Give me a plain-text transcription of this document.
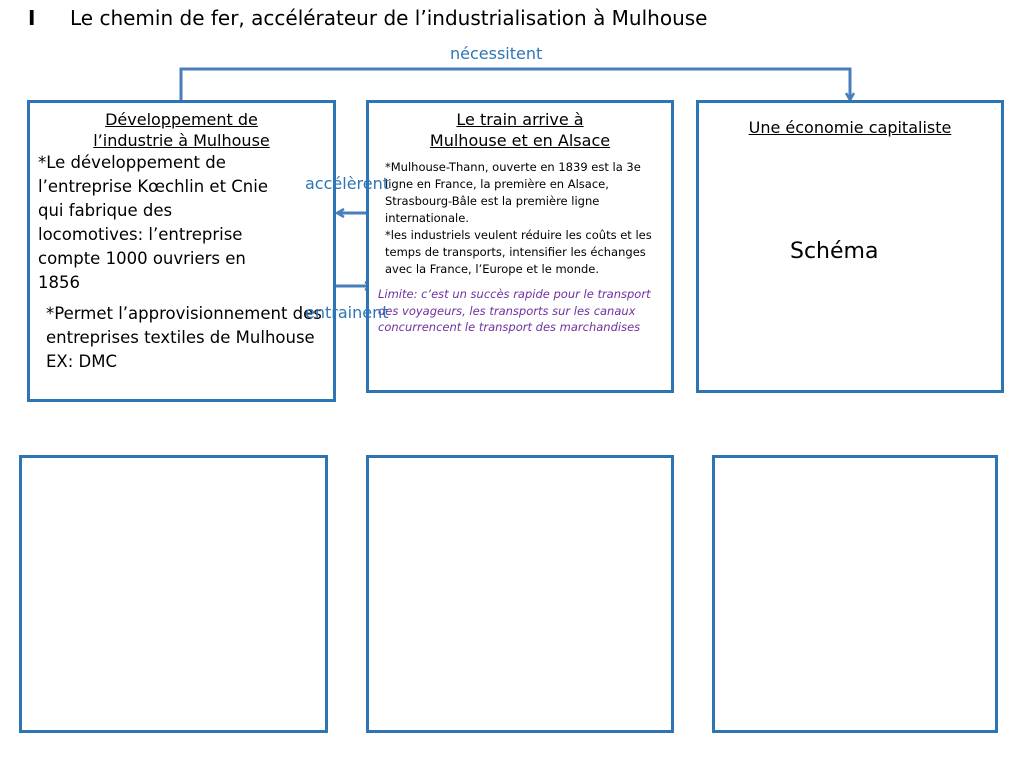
I Le chemin de fer, accélérateur de l’industrialisation à Mulhouse
nécessitent
Développement de
l’industrie à Mulhouse
*Le développement de l’entreprise Kœchlin et Cnie qui fabrique des locomotives: l’entreprise compte 1000 ouvriers en 1856
*Permet l’approvisionnement des entreprises textiles de Mulhouse
EX: DMC
Le train arrive à
Mulhouse et en Alsace
*Mulhouse-Thann, ouverte en 1839 est la 3e ligne en France, la première en Alsace, Strasbourg-Bâle est la première ligne internationale.
*les industriels veulent réduire les coûts et les temps de transports, intensifier les échanges avec la France, l’Europe et le monde.
Limite: c’est un succès rapide pour le transport des voyageurs, les transports sur les canaux concurrencent le transport des marchandises
accélèrent
entrainent
Une économie capitaliste
Schéma
